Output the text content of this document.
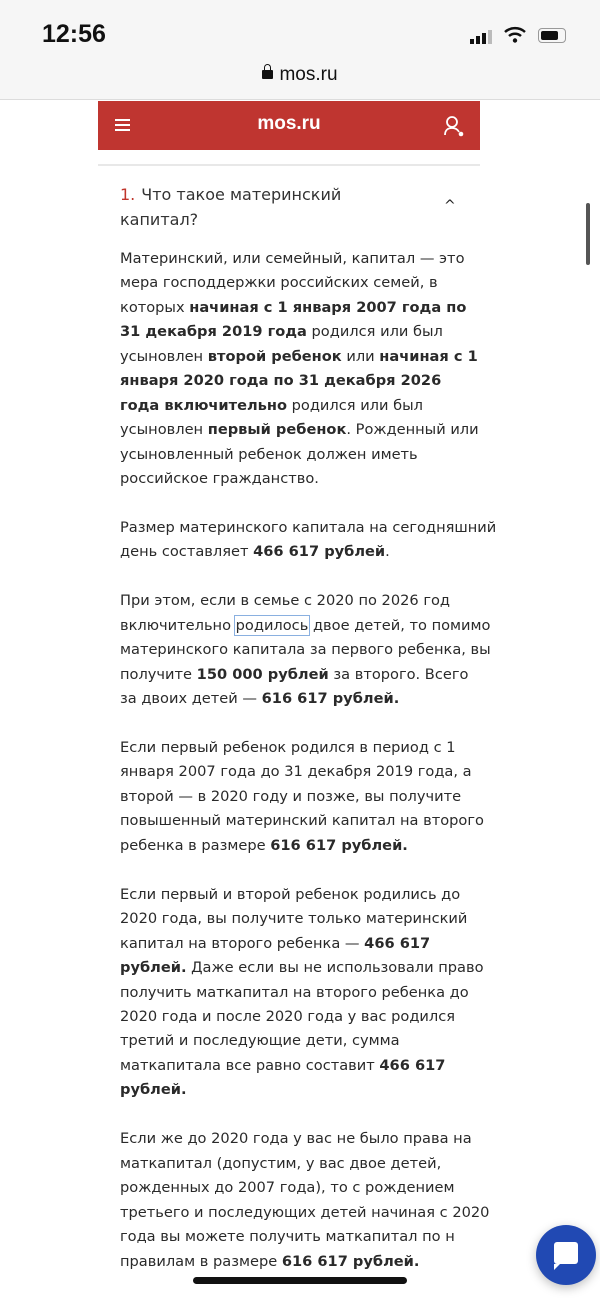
12:56
mos.ru
mos.ru
1. Что такое материнский капитал?
^
Материнский, или семейный, капитал — это
мера господдержки российских семей, в
которых начиная с 1 января 2007 года по
31 декабря 2019 года родился или был
усыновлен второй ребенок или начиная с 1
января 2020 года по 31 декабря 2026
года включительно родился или был
усыновлен первый ребенок. Рожденный или
усыновленный ребенок должен иметь
российское гражданство.
Размер материнского капитала на сегодняшний
день составляет 466 617 рублей.
При этом, если в семье с 2020 по 2026 год
включительно родилось двое детей, то помимо
материнского капитала за первого ребенка, вы
получите 150 000 рублей за второго. Всего
за двоих детей — 616 617 рублей.
Если первый ребенок родился в период с 1
января 2007 года до 31 декабря 2019 года, а
второй — в 2020 году и позже, вы получите
повышенный материнский капитал на второго
ребенка в размере 616 617 рублей.
Если первый и второй ребенок родились до
2020 года, вы получите только материнский
капитал на второго ребенка — 466 617
рублей. Даже если вы не использовали право
получить маткапитал на второго ребенка до
2020 года и после 2020 года у вас родился
третий и последующие дети, сумма
маткапитала все равно составит 466 617
рублей.
Если же до 2020 года у вас не было права на
маткапитал (допустим, у вас двое детей,
рожденных до 2007 года), то с рождением
третьего и последующих детей начиная с 2020
года вы можете получить маткапитал по н
правилам в размере 616 617 рублей.
